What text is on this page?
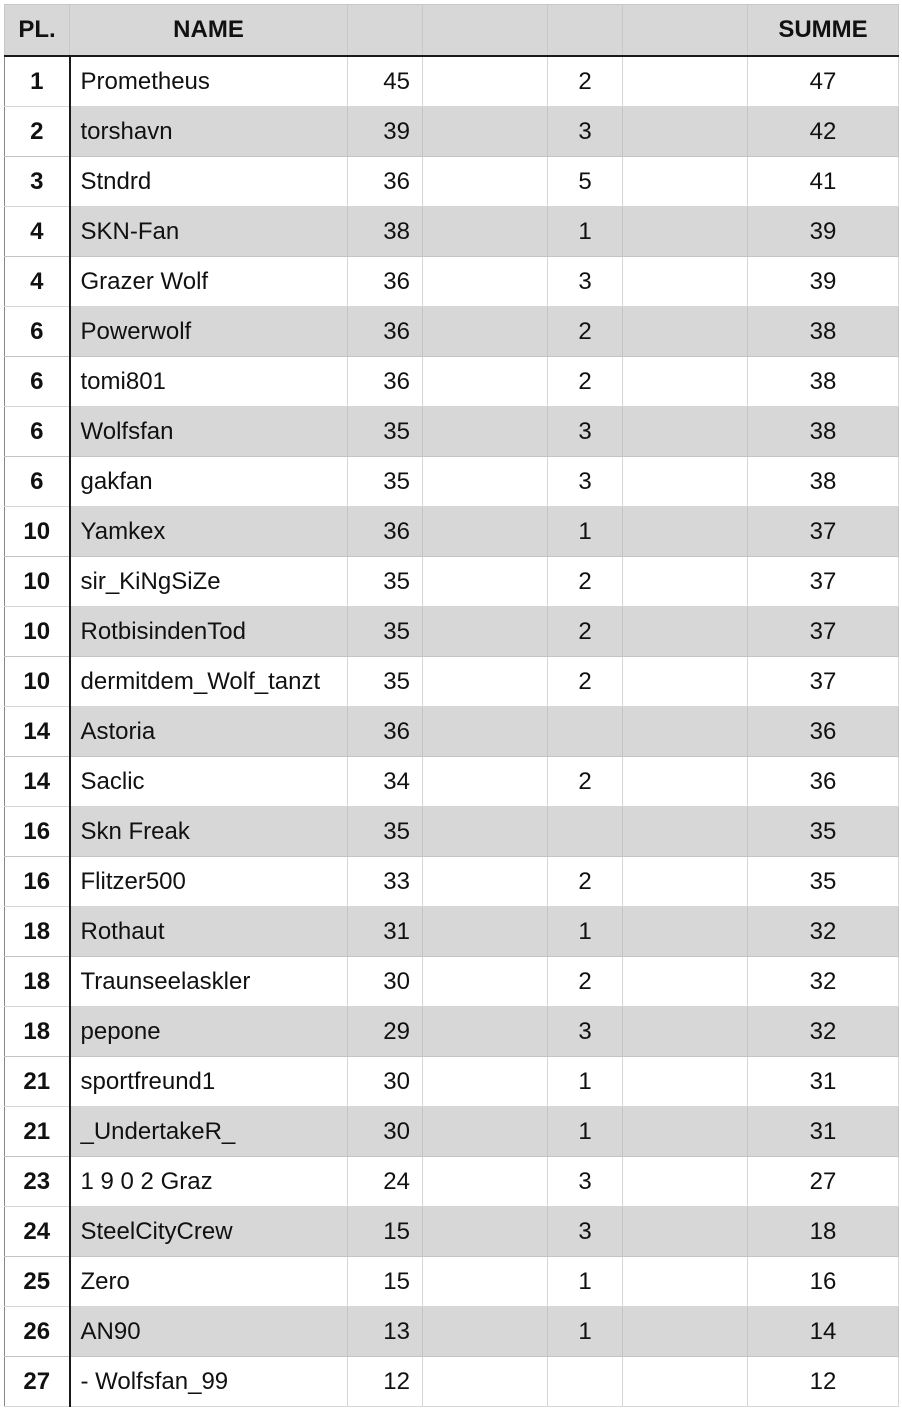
PL.	NAME					SUMME
1	Prometheus	45		2		47
2	torshavn	39		3		42
3	Stndrd	36		5		41
4	SKN-Fan	38		1		39
4	Grazer Wolf	36		3		39
6	Powerwolf	36		2		38
6	tomi801	36		2		38
6	Wolfsfan	35		3		38
6	gakfan	35		3		38
10	Yamkex	36		1		37
10	sir_KiNgSiZe	35		2		37
10	RotbisindenTod	35		2		37
10	dermitdem_Wolf_tanzt	35		2		37
14	Astoria	36				36
14	Saclic	34		2		36
16	Skn Freak	35				35
16	Flitzer500	33		2		35
18	Rothaut	31		1		32
18	Traunseelaskler	30		2		32
18	pepone	29		3		32
21	sportfreund1	30		1		31
21	_UndertakeR_	30		1		31
23	1 9 0 2 Graz	24		3		27
24	SteelCityCrew	15		3		18
25	Zero	15		1		16
26	AN90	13		1		14
27	- Wolfsfan_99	12				12
